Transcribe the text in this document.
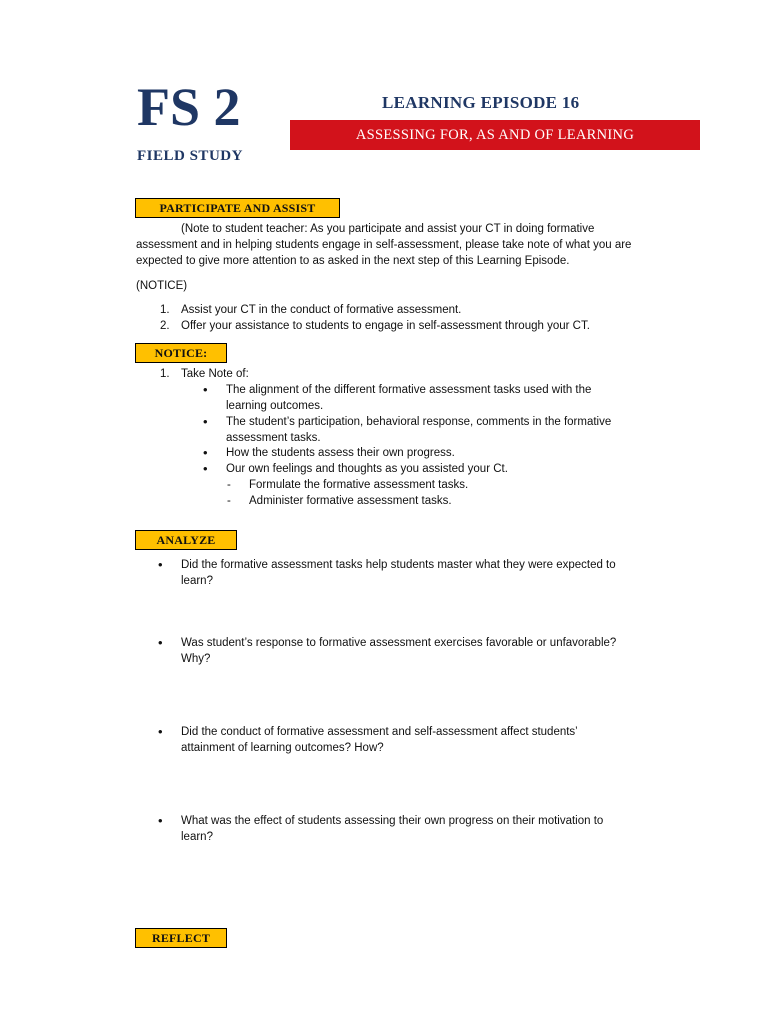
FS 2
FIELD STUDY
LEARNING EPISODE 16
ASSESSING FOR, AS AND OF LEARNING
PARTICIPATE AND ASSIST
(Note to student teacher: As you participate and assist your CT in doing formative
assessment and in helping students engage in self-assessment, please take note of what you are
expected to give more attention to as asked in the next step of this Learning Episode.
(NOTICE)
1. Assist your CT in the conduct of formative assessment.
2. Offer your assistance to students to engage in self-assessment through your CT.
NOTICE:
1. Take Note of:
• The alignment of the different formative assessment tasks used with the
learning outcomes.
• The student’s participation, behavioral response, comments in the formative
assessment tasks.
• How the students assess their own progress.
• Our own feelings and thoughts as you assisted your Ct.
- Formulate the formative assessment tasks.
- Administer formative assessment tasks.
ANALYZE
• Did the formative assessment tasks help students master what they were expected to
learn?
• Was student’s response to formative assessment exercises favorable or unfavorable?
Why?
• Did the conduct of formative assessment and self-assessment affect students’
attainment of learning outcomes? How?
• What was the effect of students assessing their own progress on their motivation to
learn?
REFLECT
